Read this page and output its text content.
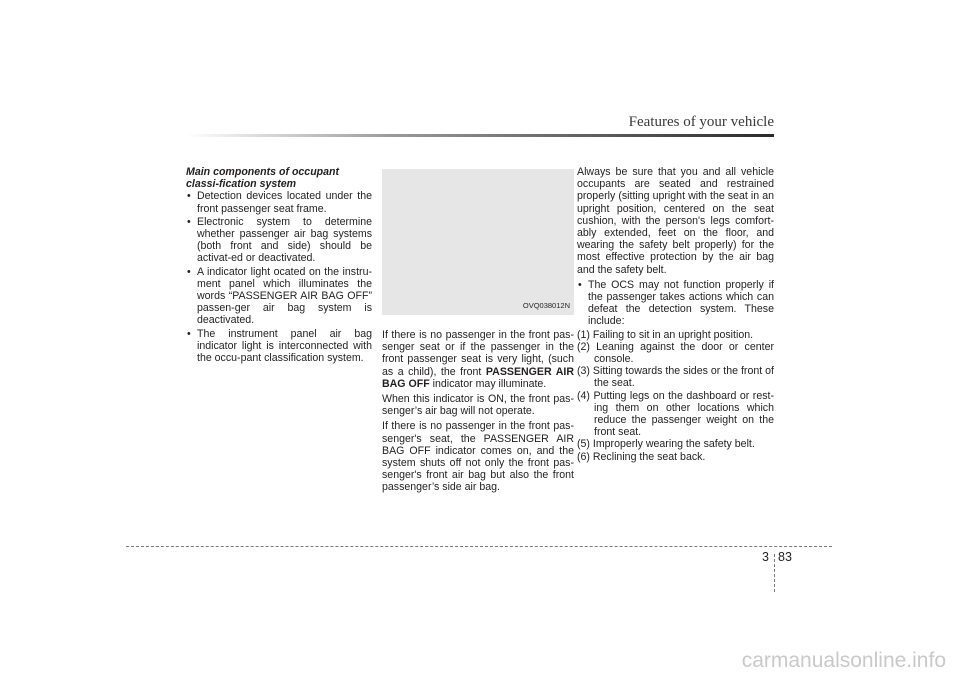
Features of your vehicle
Main components of occupant classi-fication system
• Detection devices located under the front passenger seat frame.
• Electronic system to determine whether passenger air bag systems (both front and side) should be activat-ed or deactivated.
• A indicator light ocated on the instru-ment panel which illuminates the words “PASSENGER AIR BAG OFF” passen-ger air bag system is deactivated.
• The instrument panel air bag indicator light is interconnected with the occu-pant classification system.
OVQ038012N

If there is no passenger in the front pas-senger seat or if the passenger in the front passenger seat is very light, (such as a child), the front PASSENGER AIR BAG OFF indicator may illuminate.

When this indicator is ON, the front pas-senger’s air bag will not operate.

If there is no passenger in the front pas-senger's seat, the PASSENGER AIR BAG OFF indicator comes on, and the system shuts off not only the front pas-senger's front air bag but also the front passenger’s side air bag.

Always be sure that you and all vehicle occupants are seated and restrained properly (sitting upright with the seat in an upright position, centered on the seat cushion, with the person's legs comfort-ably extended, feet on the floor, and wearing the safety belt properly) for the most effective protection by the air bag and the safety belt.

• The OCS may not function properly if the passenger takes actions which can defeat the detection system. These include:
(1) Failing to sit in an upright position.
(2) Leaning against the door or center console.
(3) Sitting towards the sides or the front of the seat.
(4) Putting legs on the dashboard or rest-ing them on other locations which reduce the passenger weight on the front seat.
(5) Improperly wearing the safety belt.
(6) Reclining the seat back.
3 83
carmanualsonline.info
